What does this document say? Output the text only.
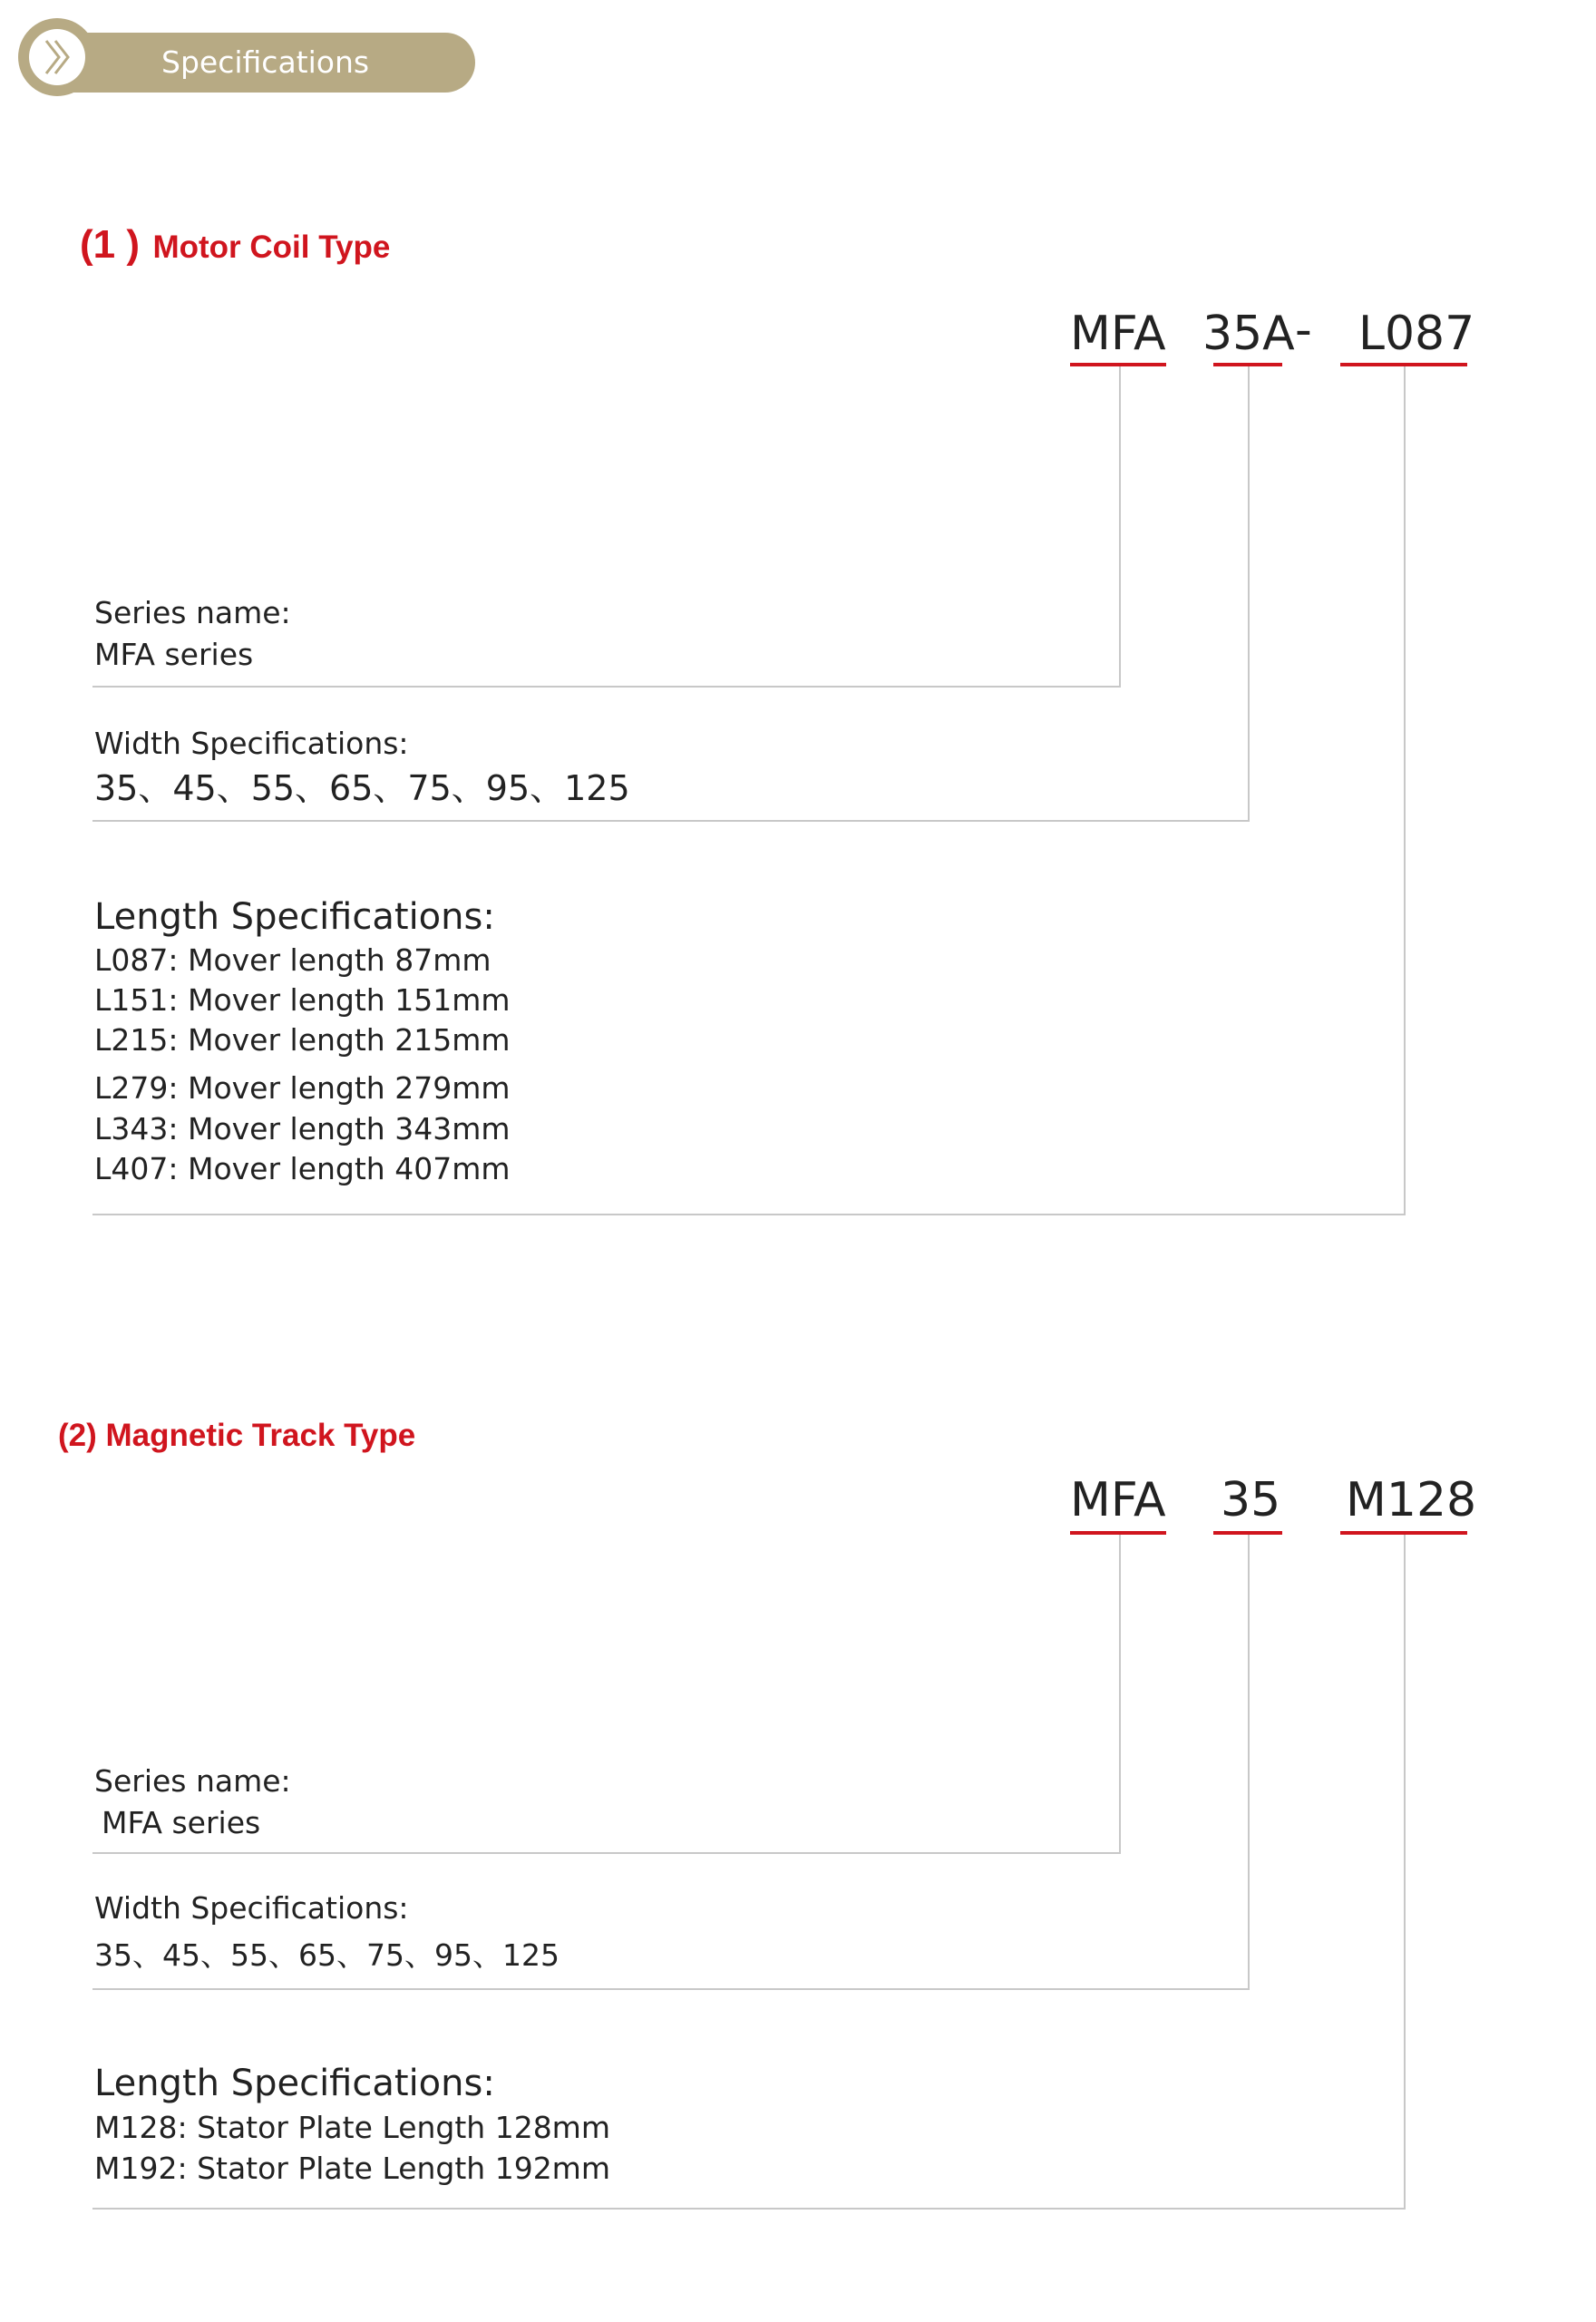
Specifications
(1 ) Motor Coil Type
MFA 35A - L087
Series name:
MFA series
Width Specifications:
35、45、55、65、75、95、125
Length Specifications:
L087: Mover length 87mm
L151: Mover length 151mm
L215: Mover length 215mm
L279: Mover length 279mm
L343: Mover length 343mm
L407: Mover length 407mm
(2) Magnetic Track Type
MFA 35 M128
Series name:
MFA series
Width Specifications:
35、45、55、65、75、95、125
Length Specifications:
M128: Stator Plate Length 128mm
M192: Stator Plate Length 192mm
